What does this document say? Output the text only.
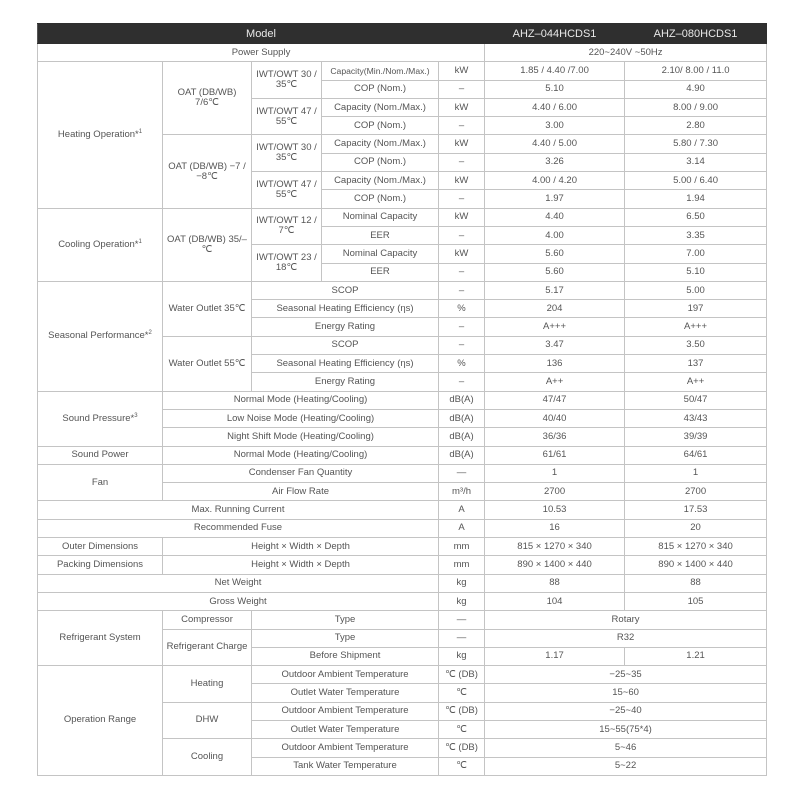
Model					AHZ–044HCDS1	AHZ–080HCDS1
Power Supply					220~240V ~50Hz	
Heating Operation*$^1$	OAT (DB/WB) 7/6℃	IWT/OWT 30 / 35℃	Capacity(Min./Nom./Max.)	kW	1.85 / 4.40 /7.00	2.10/ 8.00 / 11.0
			COP (Nom.)	–	5.10	4.90
		IWT/OWT 47 / 55℃	Capacity (Nom./Max.)	kW	4.40 / 6.00	8.00 / 9.00
			COP (Nom.)	–	3.00	2.80
	OAT (DB/WB) −7 / −8℃	IWT/OWT 30 / 35℃	Capacity (Nom./Max.)	kW	4.40 / 5.00	5.80 / 7.30
			COP (Nom.)	–	3.26	3.14
		IWT/OWT 47 / 55℃	Capacity (Nom./Max.)	kW	4.00 / 4.20	5.00 / 6.40
			COP (Nom.)	–	1.97	1.94
Cooling Operation*$^1$	OAT (DB/WB) 35/–℃	IWT/OWT 12 / 7℃	Nominal Capacity	kW	4.40	6.50
			EER	–	4.00	3.35
		IWT/OWT 23 / 18℃	Nominal Capacity	kW	5.60	7.00
			EER	–	5.60	5.10
Seasonal Performance*$^2$	Water Outlet 35℃	SCOP		–	5.17	5.00
		Seasonal Heating Efficiency (ηs)		%	204	197
		Energy Rating		–	A+++	A+++
	Water Outlet 55℃	SCOP		–	3.47	3.50
		Seasonal Heating Efficiency (ηs)		%	136	137
		Energy Rating		–	A++	A++
Sound Pressure*$^3$	Normal Mode (Heating/Cooling)			dB(A)	47/47	50/47
	Low Noise Mode (Heating/Cooling)			dB(A)	40/40	43/43
	Night Shift Mode (Heating/Cooling)			dB(A)	36/36	39/39
Sound Power	Normal Mode (Heating/Cooling)			dB(A)	61/61	64/61
Fan	Condenser Fan Quantity			—	1	1
	Air Flow Rate			m³/h	2700	2700
Max. Running Current				A	10.53	17.53
Recommended Fuse				A	16	20
Outer Dimensions	Height × Width × Depth			mm	815 × 1270 × 340	815 × 1270 × 340
Packing Dimensions	Height × Width × Depth			mm	890 × 1400 × 440	890 × 1400 × 440
Net Weight				kg	88	88
Gross Weight				kg	104	105
Refrigerant System	Compressor	Type		—	Rotary	
	Refrigerant Charge	Type		—	R32	
		Before Shipment		kg	1.17	1.21
Operation Range	Heating	Outdoor Ambient Temperature		℃ (DB)	−25~35	
		Outlet Water Temperature		℃	15~60	
	DHW	Outdoor Ambient Temperature		℃ (DB)	−25~40	
		Outlet Water Temperature		℃	15~55(75*4)	
	Cooling	Outdoor Ambient Temperature		℃ (DB)	5~46	
		Tank Water Temperature		℃	5~22	
